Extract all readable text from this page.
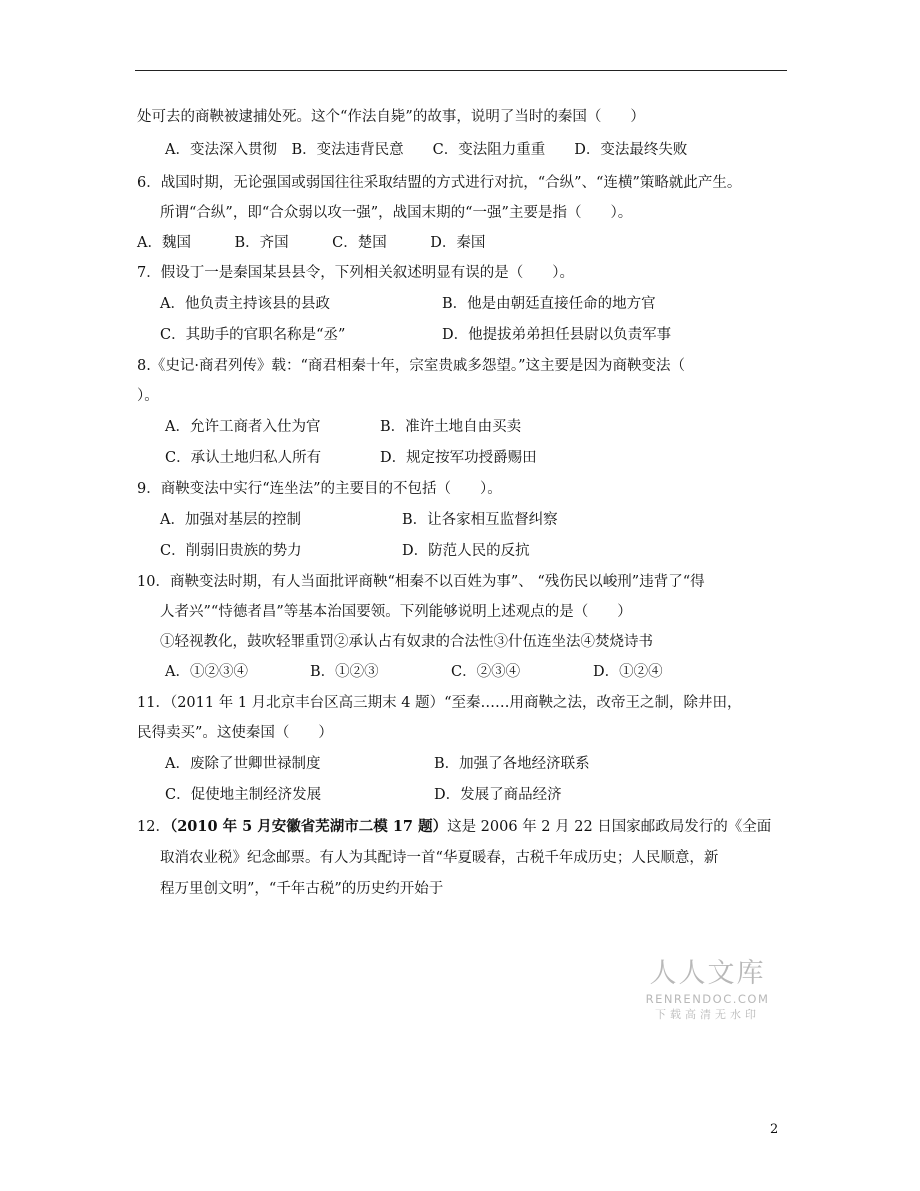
处可去的商鞅被逮捕处死。这个“作法自毙”的故事，说明了当时的秦国（　　）
A．变法深入贯彻　B．变法违背民意　　C．变法阻力重重　　D．变法最终失败
6．战国时期，无论强国或弱国往往采取结盟的方式进行对抗，“合纵”、“连横”策略就此产生。
所谓“合纵”，即“合众弱以攻一强”，战国末期的“一强”主要是指（　　）。
A．魏国　　　B．齐国　　　C．楚国　　　D．秦国
7．假设丁一是秦国某县县令，下列相关叙述明显有误的是（　　）。
A．他负责主持该县的县政	B．他是由朝廷直接任命的地方官
C．其助手的官职名称是“丞”	D．他提拔弟弟担任县尉以负责军事
8.《史记·商君列传》载：“商君相秦十年，宗室贵戚多怨望。”这主要是因为商鞅变法（
）。
A．允许工商者入仕为官	B．准许土地自由买卖
C．承认土地归私人所有	D．规定按军功授爵赐田
9．商鞅变法中实行“连坐法”的主要目的不包括（　　）。
A．加强对基层的控制	B．让各家相互监督纠察
C．削弱旧贵族的势力	D．防范人民的反抗
10．商鞅变法时期，有人当面批评商鞅“相秦不以百姓为事”、 “残伤民以峻刑”违背了“得
人者兴”“恃德者昌”等基本治国要领。下列能够说明上述观点的是（　　）
①轻视教化，鼓吹轻罪重罚②承认占有奴隶的合法性③什伍连坐法④焚烧诗书
A．①②③④	B．①②③	C．②③④	D．①②④
11．（2011 年 1 月北京丰台区高三期末 4 题）“至秦……用商鞅之法，改帝王之制，除井田，
民得卖买”。这使秦国（　　）
A．废除了世卿世禄制度	B．加强了各地经济联系
C．促使地主制经济发展	D．发展了商品经济
12．（2010 年 5 月安徽省芜湖市二模 17 题）这是 2006 年 2 月 22 日国家邮政局发行的《全面
取消农业税》纪念邮票。有人为其配诗一首“华夏暖春，古税千年成历史；人民顺意，新
程万里创文明”，“千年古税”的历史约开始于
人人文库
RENRENDOC.COM
下载高清无水印
2
